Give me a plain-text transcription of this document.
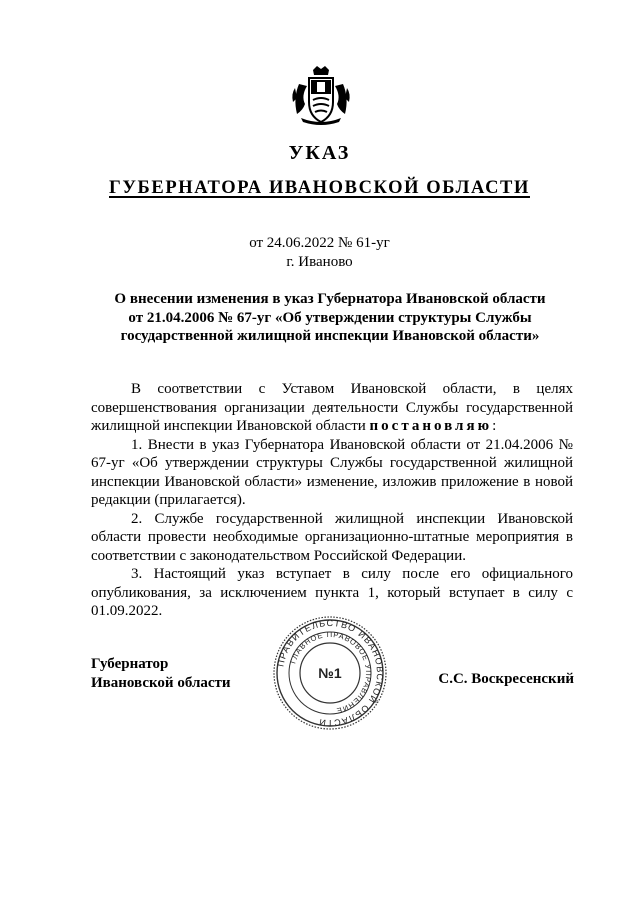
УКАЗ
ГУБЕРНАТОРА ИВАНОВСКОЙ ОБЛАСТИ
от 24.06.2022 № 61-уг
г. Иваново
О внесении изменения в указ Губернатора Ивановской области от 21.04.2006 № 67-уг «Об утверждении структуры Службы государственной жилищной инспекции Ивановской области»

В соответствии с Уставом Ивановской области, в целях совершенствования организации деятельности Службы государственной жилищной инспекции Ивановской области постановляю:

1. Внести в указ Губернатора Ивановской области от 21.04.2006 № 67-уг «Об утверждении структуры Службы государственной жилищной инспекции Ивановской области» изменение, изложив приложение в новой редакции (прилагается).

2. Службе государственной жилищной инспекции Ивановской области провести необходимые организационно-штатные мероприятия в соответствии с законодательством Российской Федерации.

3. Настоящий указ вступает в силу после его официального опубликования, за исключением пункта 1, который вступает в силу с 01.09.2022.

Губернатор
Ивановской области
ПРАВИТЕЛЬСТВО ИВАНОВСКОЙ ОБЛАСТИ
ГЛАВНОЕ ПРАВОВОЕ УПРАВЛЕНИЕ
№1	С.С. Воскресенский
